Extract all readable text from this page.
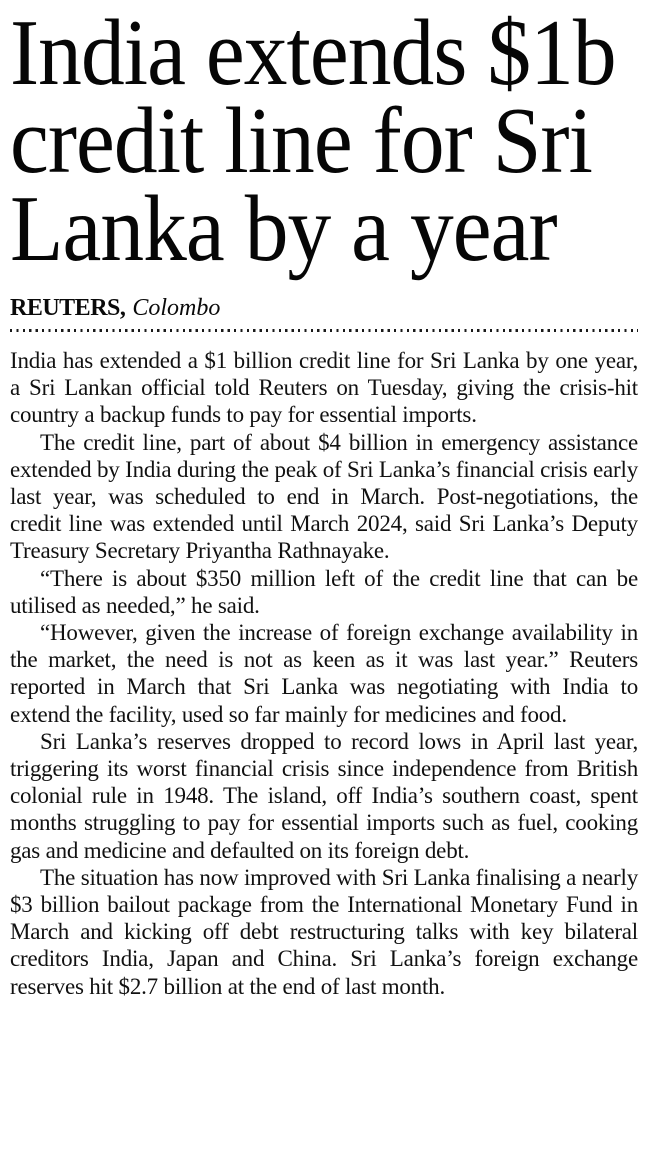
India extends $1b
credit line for Sri
Lanka by a year
REUTERS, Colombo

India has extended a $1 billion credit line for Sri Lanka by one year, a Sri Lankan official told Reuters on Tuesday, giving the crisis-hit country a backup funds to pay for essential imports.

The credit line, part of about $4 billion in emergency assistance extended by India during the peak of Sri Lanka’s financial crisis early last year, was scheduled to end in March. Post-negotiations, the credit line was extended until March 2024, said Sri Lanka’s Deputy Treasury Secretary Priyantha Rathnayake.

“There is about $350 million left of the credit line that can be utilised as needed,” he said.

“However, given the increase of foreign exchange availability in the market, the need is not as keen as it was last year.” Reuters reported in March that Sri Lanka was negotiating with India to extend the facility, used so far mainly for medicines and food.

Sri Lanka’s reserves dropped to record lows in April last year, triggering its worst financial crisis since independence from British colonial rule in 1948. The island, off India’s southern coast, spent months struggling to pay for essential imports such as fuel, cooking gas and medicine and defaulted on its foreign debt.

The situation has now improved with Sri Lanka finalising a nearly $3 billion bailout package from the International Monetary Fund in March and kicking off debt restructuring talks with key bilateral creditors India, Japan and China. Sri Lanka’s foreign exchange reserves hit $2.7 billion at the end of last month.
